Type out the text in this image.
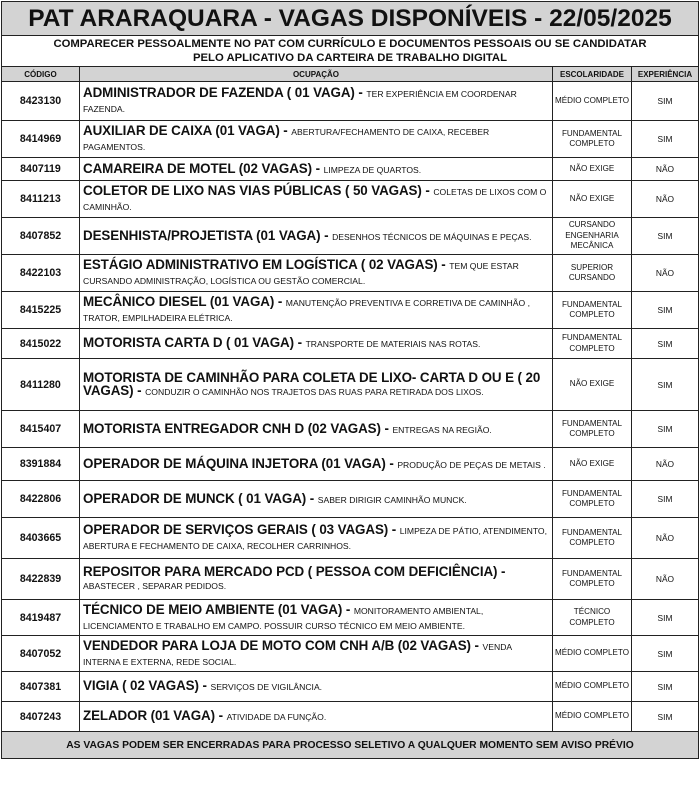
PAT ARARAQUARA - VAGAS DISPONÍVEIS - 22/05/2025			

COMPARECER PESSOALMENTE NO PAT COM CURRÍCULO E DOCUMENTOS PESSOAIS OU SE CANDIDATAR
PELO APLICATIVO DA CARTEIRA DE TRABALHO DIGITAL			

CÓDIGO	OCUPAÇÃO	ESCOLARIDADE	EXPERIÊNCIA
8423130	ADMINISTRADOR DE FAZENDA ( 01 VAGA) - TER EXPERIÊNCIA EM COORDENAR FAZENDA.	MÉDIO COMPLETO	SIM
8414969	AUXILIAR DE CAIXA (01 VAGA) - ABERTURA/FECHAMENTO DE CAIXA, RECEBER PAGAMENTOS.	FUNDAMENTAL COMPLETO	SIM
8407119	CAMAREIRA DE MOTEL (02 VAGAS) - LIMPEZA DE QUARTOS.	NÃO EXIGE	NÃO
8411213	COLETOR DE LIXO NAS VIAS PÚBLICAS ( 50 VAGAS) - COLETAS DE LIXOS COM O CAMINHÃO.	NÃO EXIGE	NÃO
8407852	DESENHISTA/PROJETISTA (01 VAGA) - DESENHOS TÉCNICOS DE MÁQUINAS E PEÇAS.	CURSANDO ENGENHARIA MECÂNICA	SIM
8422103	ESTÁGIO ADMINISTRATIVO EM LOGÍSTICA ( 02 VAGAS) - TEM QUE ESTAR CURSANDO ADMINISTRAÇÃO, LOGÍSTICA OU GESTÃO COMERCIAL.	SUPERIOR CURSANDO	NÃO
8415225	MECÂNICO DIESEL (01 VAGA) - MANUTENÇÃO PREVENTIVA E CORRETIVA DE CAMINHÃO , TRATOR, EMPILHADEIRA ELÉTRICA.	FUNDAMENTAL COMPLETO	SIM
8415022	MOTORISTA CARTA D ( 01 VAGA) - TRANSPORTE DE MATERIAIS NAS ROTAS.	FUNDAMENTAL COMPLETO	SIM
8411280	MOTORISTA DE CAMINHÃO PARA COLETA DE LIXO- CARTA D OU E ( 20 VAGAS) - CONDUZIR O CAMINHÃO NOS TRAJETOS DAS RUAS PARA RETIRADA DOS LIXOS.	NÃO EXIGE	SIM
8415407	MOTORISTA ENTREGADOR CNH D (02 VAGAS) - ENTREGAS NA REGIÃO.	FUNDAMENTAL COMPLETO	SIM
8391884	OPERADOR DE MÁQUINA INJETORA (01 VAGA) - PRODUÇÃO DE PEÇAS DE METAIS .	NÃO EXIGE	NÃO
8422806	OPERADOR DE MUNCK ( 01 VAGA) - SABER DIRIGIR CAMINHÃO MUNCK.	FUNDAMENTAL COMPLETO	SIM
8403665	OPERADOR DE SERVIÇOS GERAIS ( 03 VAGAS) - LIMPEZA DE PÁTIO, ATENDIMENTO, ABERTURA E FECHAMENTO DE CAIXA, RECOLHER CARRINHOS.	FUNDAMENTAL COMPLETO	NÃO
8422839	REPOSITOR PARA MERCADO PCD ( PESSOA COM DEFICIÊNCIA) - ABASTECER , SEPARAR PEDIDOS.	FUNDAMENTAL COMPLETO	NÃO
8419487	TÉCNICO DE MEIO AMBIENTE (01 VAGA) - MONITORAMENTO AMBIENTAL, LICENCIAMENTO E TRABALHO EM CAMPO. POSSUIR CURSO TÉCNICO EM MEIO AMBIENTE.	TÉCNICO COMPLETO	SIM
8407052	VENDEDOR PARA LOJA DE MOTO COM CNH A/B (02 VAGAS) - VENDA INTERNA E EXTERNA, REDE SOCIAL.	MÉDIO COMPLETO	SIM
8407381	VIGIA ( 02 VAGAS) - SERVIÇOS DE VIGILÂNCIA.	MÉDIO COMPLETO	SIM
8407243	ZELADOR (01 VAGA) - ATIVIDADE DA FUNÇÃO.	MÉDIO COMPLETO	SIM
AS VAGAS PODEM SER ENCERRADAS PARA PROCESSO SELETIVO A QUALQUER MOMENTO SEM AVISO PRÉVIO			
